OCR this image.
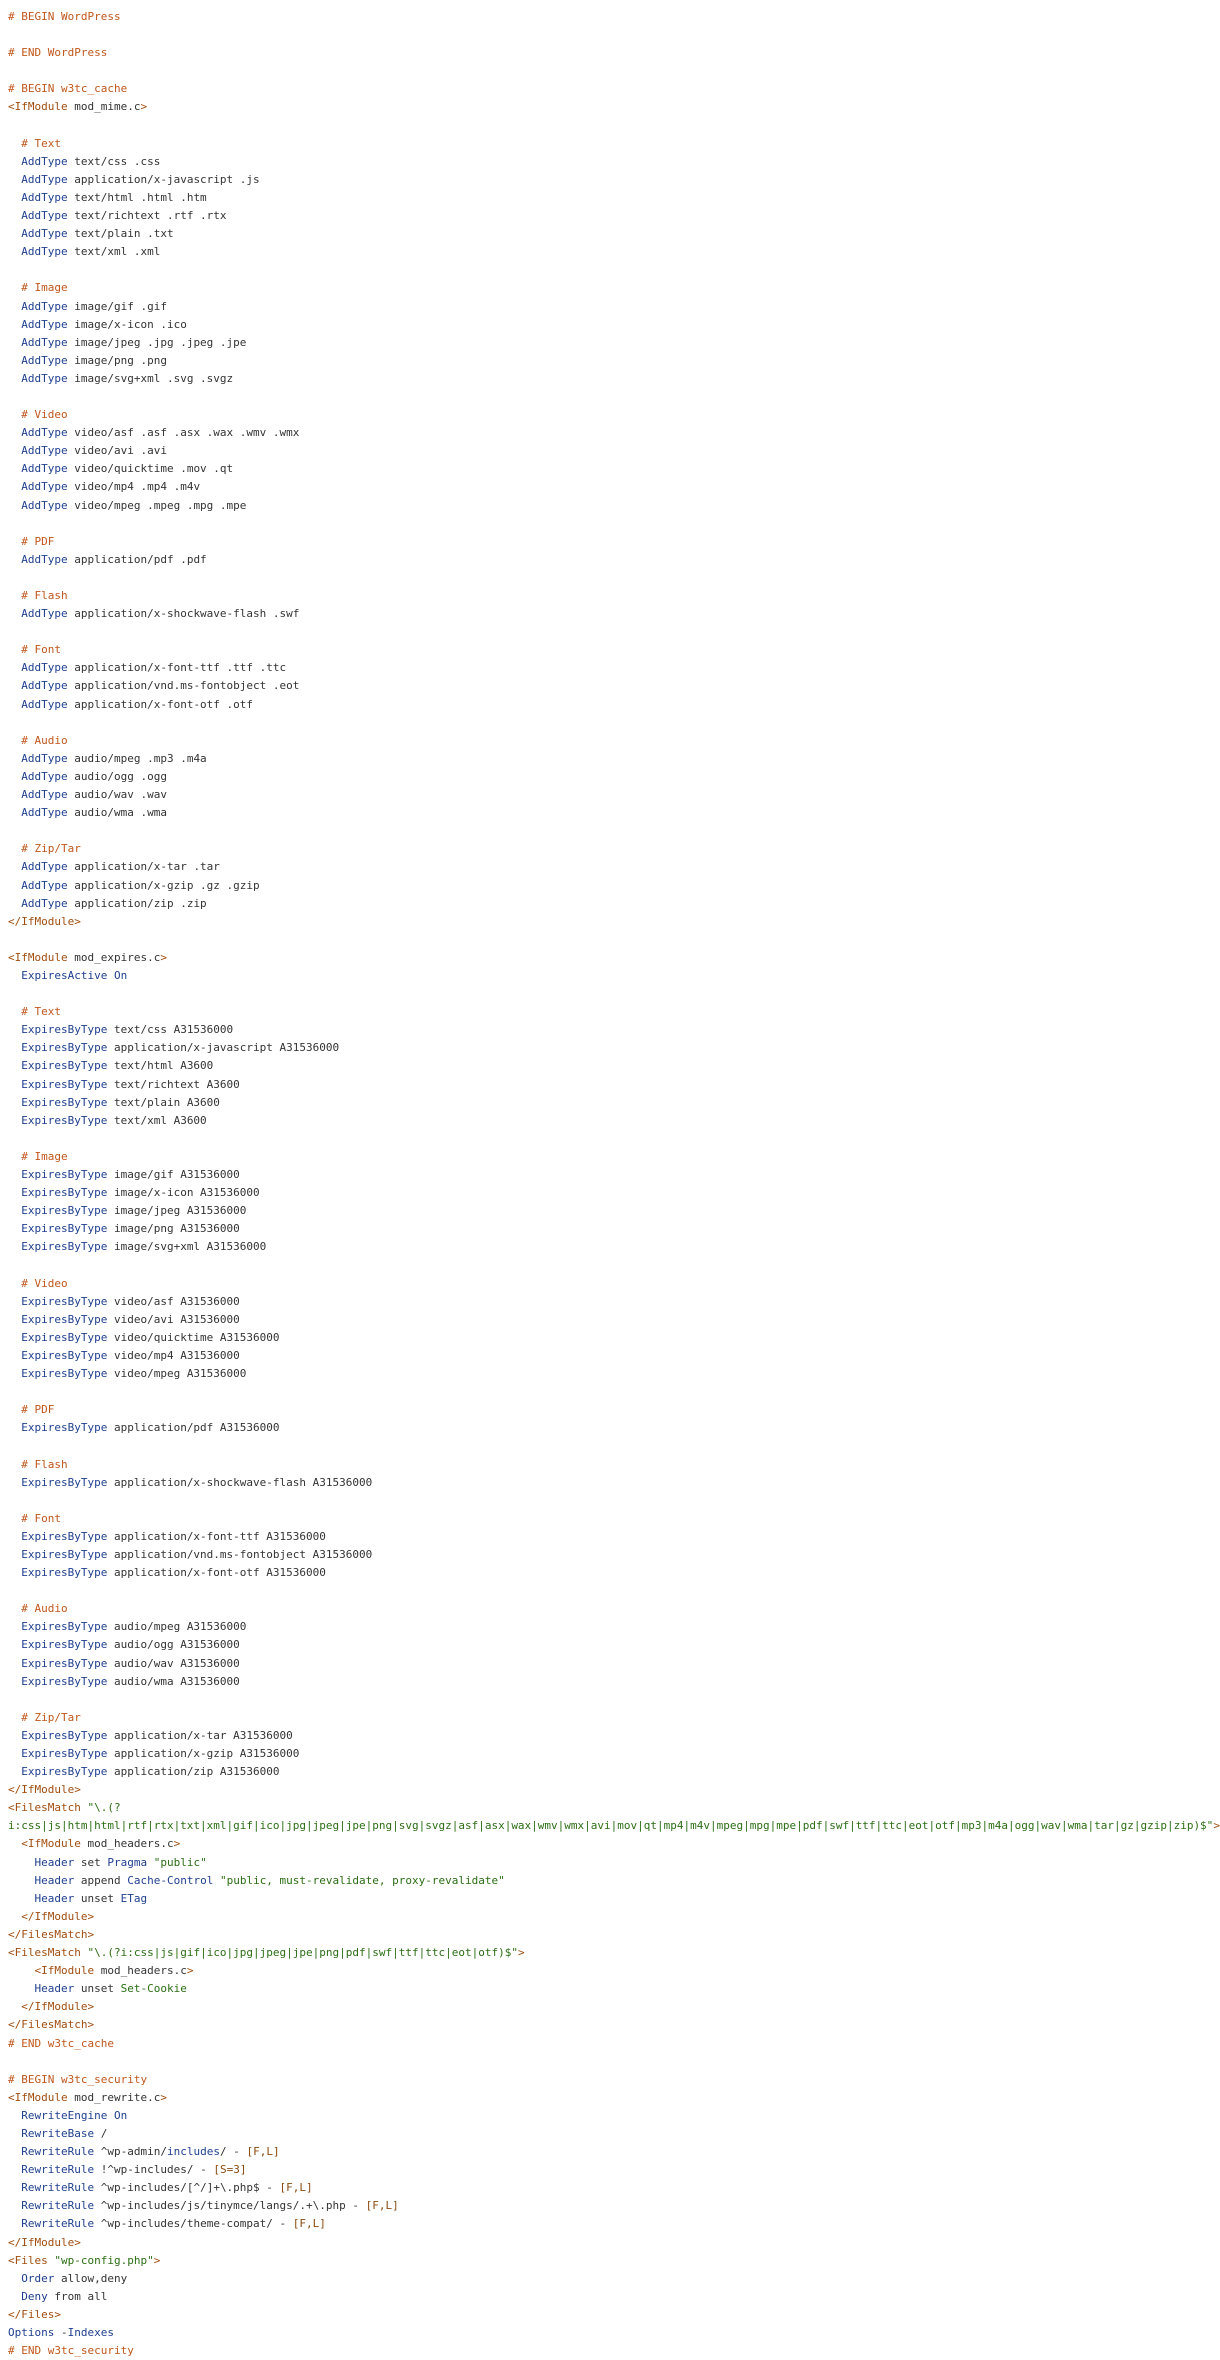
# BEGIN WordPress

# END WordPress

# BEGIN w3tc_cache
<IfModule mod_mime.c>

# Text
AddType text/css .css
AddType application/x-javascript .js
AddType text/html .html .htm
AddType text/richtext .rtf .rtx
AddType text/plain .txt
AddType text/xml .xml

# Image
AddType image/gif .gif
AddType image/x-icon .ico
AddType image/jpeg .jpg .jpeg .jpe
AddType image/png .png
AddType image/svg+xml .svg .svgz

# Video
AddType video/asf .asf .asx .wax .wmv .wmx
AddType video/avi .avi
AddType video/quicktime .mov .qt
AddType video/mp4 .mp4 .m4v
AddType video/mpeg .mpeg .mpg .mpe

# PDF
AddType application/pdf .pdf

# Flash
AddType application/x-shockwave-flash .swf

# Font
AddType application/x-font-ttf .ttf .ttc
AddType application/vnd.ms-fontobject .eot
AddType application/x-font-otf .otf

# Audio
AddType audio/mpeg .mp3 .m4a
AddType audio/ogg .ogg
AddType audio/wav .wav
AddType audio/wma .wma

# Zip/Tar
AddType application/x-tar .tar
AddType application/x-gzip .gz .gzip
AddType application/zip .zip
</IfModule>

<IfModule mod_expires.c>
ExpiresActive On

# Text
ExpiresByType text/css A31536000
ExpiresByType application/x-javascript A31536000
ExpiresByType text/html A3600
ExpiresByType text/richtext A3600
ExpiresByType text/plain A3600
ExpiresByType text/xml A3600

# Image
ExpiresByType image/gif A31536000
ExpiresByType image/x-icon A31536000
ExpiresByType image/jpeg A31536000
ExpiresByType image/png A31536000
ExpiresByType image/svg+xml A31536000

# Video
ExpiresByType video/asf A31536000
ExpiresByType video/avi A31536000
ExpiresByType video/quicktime A31536000
ExpiresByType video/mp4 A31536000
ExpiresByType video/mpeg A31536000

# PDF
ExpiresByType application/pdf A31536000

# Flash
ExpiresByType application/x-shockwave-flash A31536000

# Font
ExpiresByType application/x-font-ttf A31536000
ExpiresByType application/vnd.ms-fontobject A31536000
ExpiresByType application/x-font-otf A31536000

# Audio
ExpiresByType audio/mpeg A31536000
ExpiresByType audio/ogg A31536000
ExpiresByType audio/wav A31536000
ExpiresByType audio/wma A31536000

# Zip/Tar
ExpiresByType application/x-tar A31536000
ExpiresByType application/x-gzip A31536000
ExpiresByType application/zip A31536000
</IfModule>
<FilesMatch "\.(?
i:css|js|htm|html|rtf|rtx|txt|xml|gif|ico|jpg|jpeg|jpe|png|svg|svgz|asf|asx|wax|wmv|wmx|avi|mov|qt|mp4|m4v|mpeg|mpg|mpe|pdf|swf|ttf|ttc|eot|otf|mp3|m4a|ogg|wav|wma|tar|gz|gzip|zip)$">
<IfModule mod_headers.c>
Header set Pragma "public"
Header append Cache-Control "public, must-revalidate, proxy-revalidate"
Header unset ETag
</IfModule>
</FilesMatch>
<FilesMatch "\.(?i:css|js|gif|ico|jpg|jpeg|jpe|png|pdf|swf|ttf|ttc|eot|otf)$">
<IfModule mod_headers.c>
Header unset Set-Cookie
</IfModule>
</FilesMatch>
# END w3tc_cache

# BEGIN w3tc_security
<IfModule mod_rewrite.c>
RewriteEngine On
RewriteBase /
RewriteRule ^wp-admin/includes/ - [F,L]
RewriteRule !^wp-includes/ - [S=3]
RewriteRule ^wp-includes/[^/]+\.php$ - [F,L]
RewriteRule ^wp-includes/js/tinymce/langs/.+\.php - [F,L]
RewriteRule ^wp-includes/theme-compat/ - [F,L]
</IfModule>
<Files "wp-config.php">
Order allow,deny
Deny from all
</Files>
Options -Indexes
# END w3tc_security
